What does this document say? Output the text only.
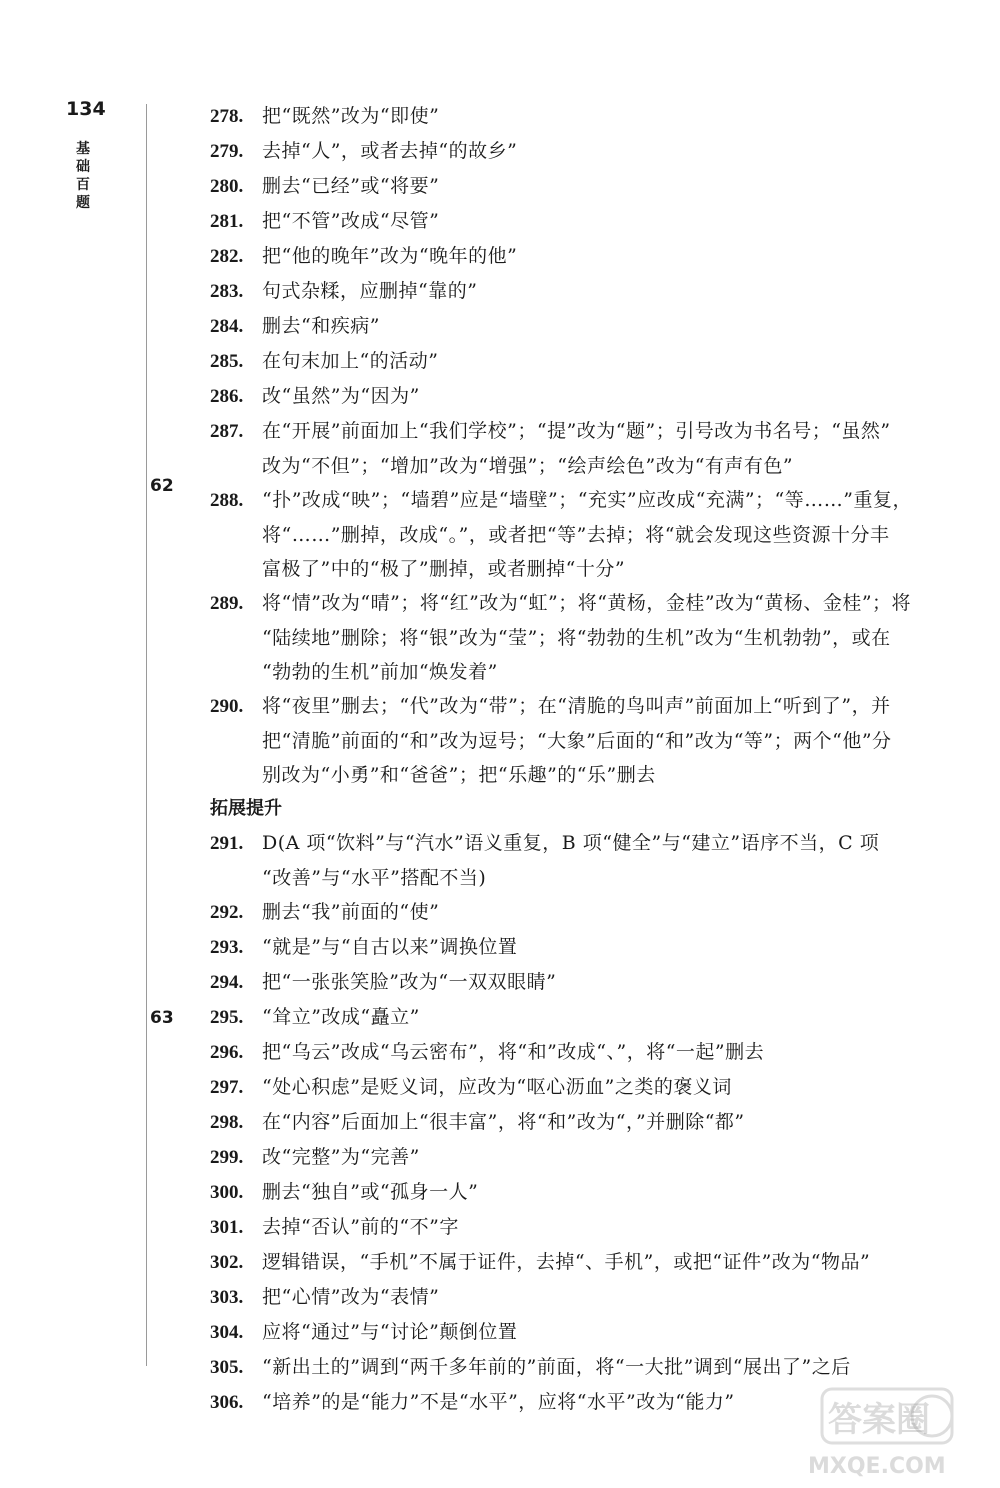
134
基础百题
62
63
278. 把“既然”改为“即使”
279. 去掉“人”，或者去掉“的故乡”
280. 删去“已经”或“将要”
281. 把“不管”改成“尽管”
282. 把“他的晚年”改为“晚年的他”
283. 句式杂糅，应删掉“靠的”
284. 删去“和疾病”
285. 在句末加上“的活动”
286. 改“虽然”为“因为”
287. 在“开展”前面加上“我们学校”；“提”改为“题”；引号改为书名号；“虽然”
改为“不但”；“增加”改为“增强”；“绘声绘色”改为“有声有色”
288. “扑”改成“映”；“墙碧”应是“墙壁”；“充实”应改成“充满”；“等……”重复，
将“……”删掉，改成“。”，或者把“等”去掉；将“就会发现这些资源十分丰
富极了”中的“极了”删掉，或者删掉“十分”
289. 将“情”改为“晴”；将“红”改为“虹”；将“黄杨，金桂”改为“黄杨、金桂”；将
“陆续地”删除；将“银”改为“莹”；将“勃勃的生机”改为“生机勃勃”，或在
“勃勃的生机”前加“焕发着”
290. 将“夜里”删去；“代”改为“带”；在“清脆的鸟叫声”前面加上“听到了”，并
把“清脆”前面的“和”改为逗号；“大象”后面的“和”改为“等”；两个“他”分
别改为“小勇”和“爸爸”；把“乐趣”的“乐”删去
拓展提升
291. D(A 项“饮料”与“汽水”语义重复，B 项“健全”与“建立”语序不当，C 项
“改善”与“水平”搭配不当)
292. 删去“我”前面的“使”
293. “就是”与“自古以来”调换位置
294. 把“一张张笑脸”改为“一双双眼睛”
295. “耸立”改成“矗立”
296. 把“乌云”改成“乌云密布”，将“和”改成“、”，将“一起”删去
297. “处心积虑”是贬义词，应改为“呕心沥血”之类的褒义词
298. 在“内容”后面加上“很丰富”，将“和”改为“，”并删除“都”
299. 改“完整”为“完善”
300. 删去“独自”或“孤身一人”
301. 去掉“否认”前的“不”字
302. 逻辑错误，“手机”不属于证件，去掉“、手机”，或把“证件”改为“物品”
303. 把“心情”改为“表情”
304. 应将“通过”与“讨论”颠倒位置
305. “新出土的”调到“两千多年前的”前面，将“一大批”调到“展出了”之后
306. “培养”的是“能力”不是“水平”，应将“水平”改为“能力”	答案圈
MXQE.COM
